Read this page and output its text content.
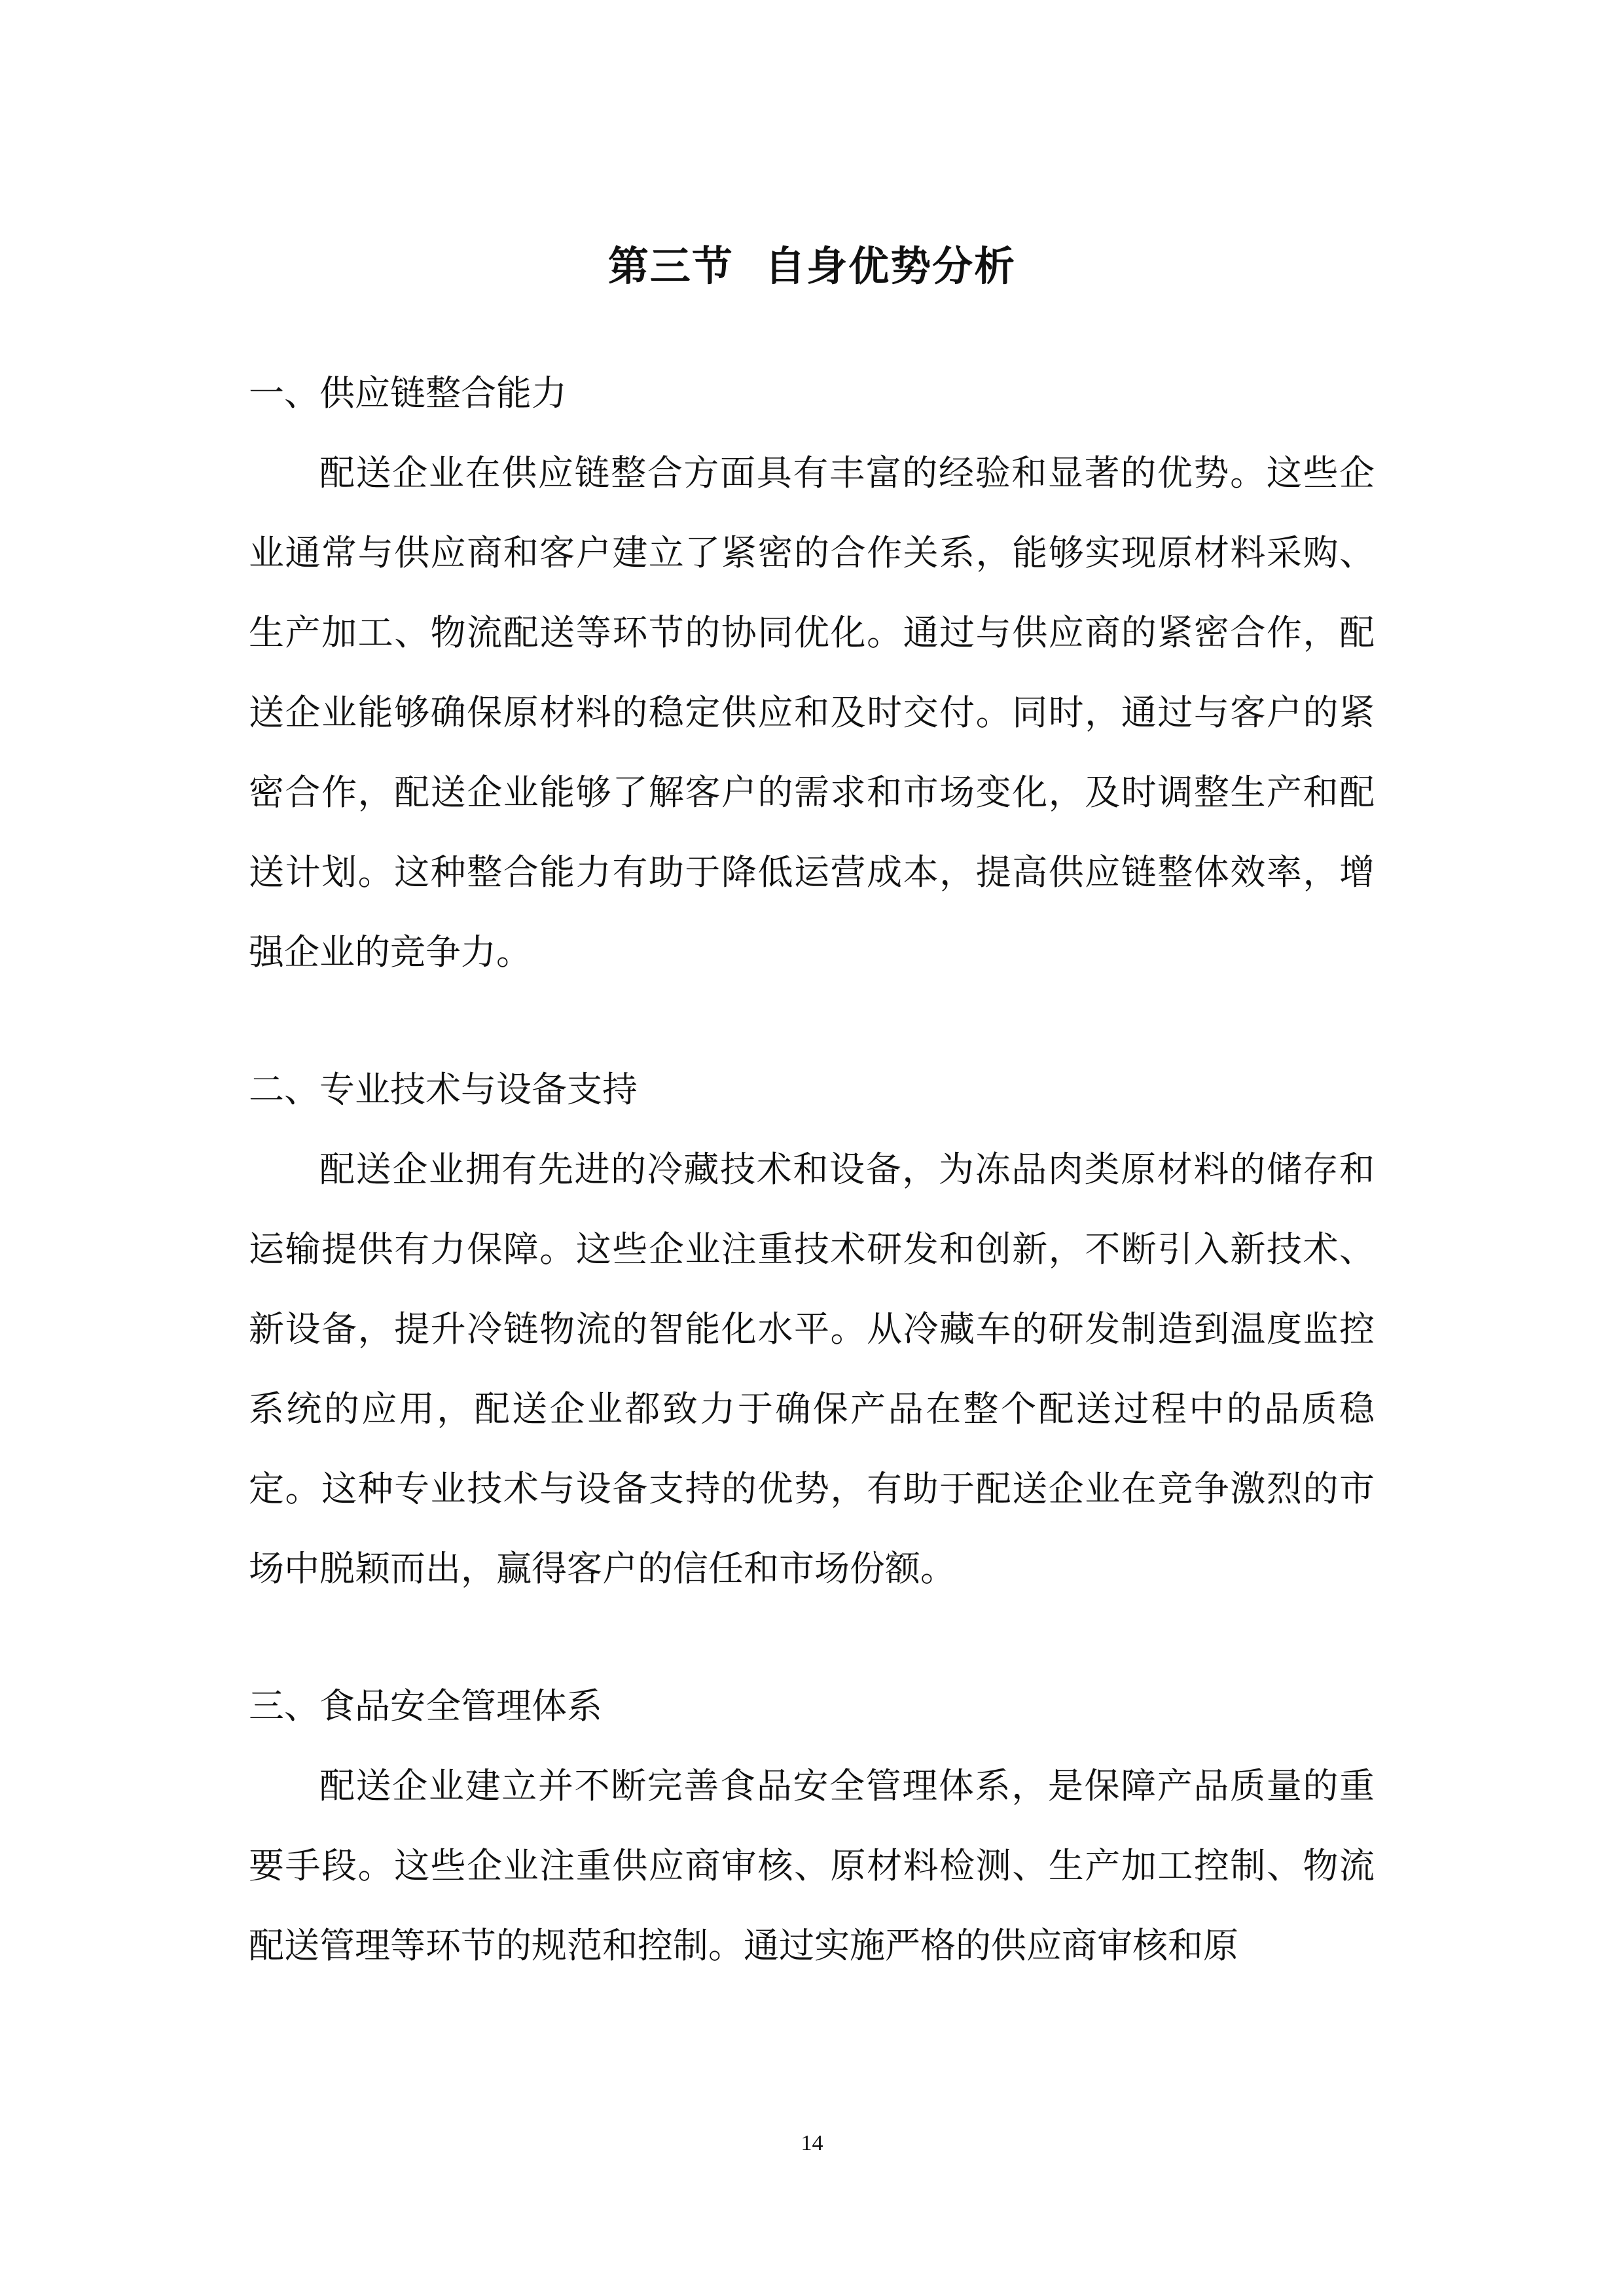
第三节  自身优势分析

一、供应链整合能力

配送企业在供应链整合方面具有丰富的经验和显著的优势。这些企业通常与供应商和客户建立了紧密的合作关系，能够实现原材料采购、生产加工、物流配送等环节的协同优化。通过与供应商的紧密合作，配送企业能够确保原材料的稳定供应和及时交付。同时，通过与客户的紧密合作，配送企业能够了解客户的需求和市场变化，及时调整生产和配送计划。这种整合能力有助于降低运营成本，提高供应链整体效率，增强企业的竞争力。

二、专业技术与设备支持

配送企业拥有先进的冷藏技术和设备，为冻品肉类原材料的储存和运输提供有力保障。这些企业注重技术研发和创新，不断引入新技术、新设备，提升冷链物流的智能化水平。从冷藏车的研发制造到温度监控系统的应用，配送企业都致力于确保产品在整个配送过程中的品质稳定。这种专业技术与设备支持的优势，有助于配送企业在竞争激烈的市场中脱颖而出，赢得客户的信任和市场份额。

三、食品安全管理体系

配送企业建立并不断完善食品安全管理体系，是保障产品质量的重要手段。这些企业注重供应商审核、原材料检测、生产加工控制、物流配送管理等环节的规范和控制。通过实施严格的供应商审核和原

14
